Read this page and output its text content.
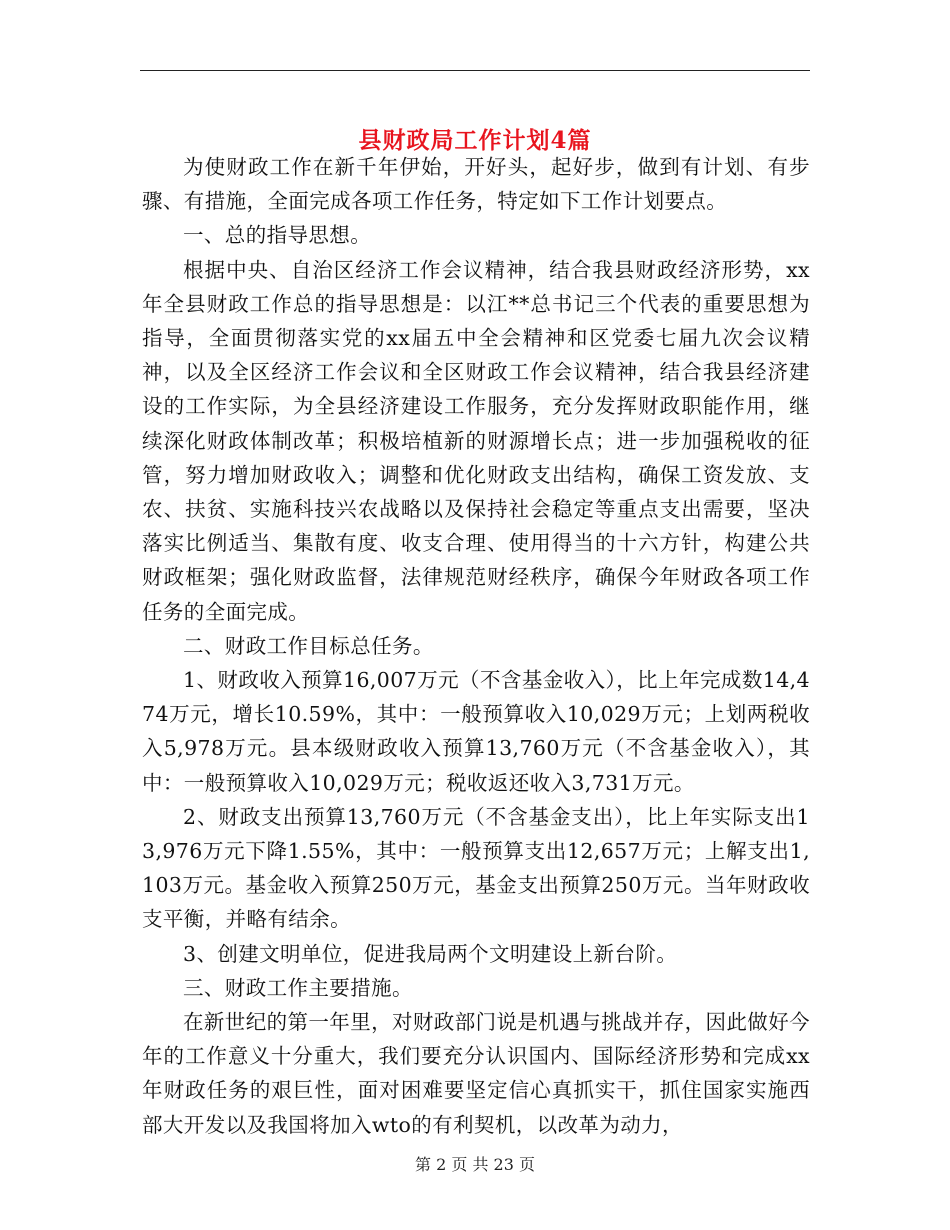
县财政局工作计划4篇

为使财政工作在新千年伊始，开好头，起好步，做到有计划、有步骤、有措施，全面完成各项工作任务，特定如下工作计划要点。

一、总的指导思想。

根据中央、自治区经济工作会议精神，结合我县财政经济形势，xx年全县财政工作总的指导思想是：以江**总书记三个代表的重要思想为指导，全面贯彻落实党的xx届五中全会精神和区党委七届九次会议精神，以及全区经济工作会议和全区财政工作会议精神，结合我县经济建设的工作实际，为全县经济建设工作服务，充分发挥财政职能作用，继续深化财政体制改革；积极培植新的财源增长点；进一步加强税收的征管，努力增加财政收入；调整和优化财政支出结构，确保工资发放、支农、扶贫、实施科技兴农战略以及保持社会稳定等重点支出需要，坚决落实比例适当、集散有度、收支合理、使用得当的十六方针，构建公共财政框架；强化财政监督，法律规范财经秩序，确保今年财政各项工作任务的全面完成。

二、财政工作目标总任务。

1、财政收入预算16,007万元（不含基金收入），比上年完成数14,474万元，增长10.59%，其中：一般预算收入10,029万元；上划两税收入5,978万元。县本级财政收入预算13,760万元（不含基金收入），其中：一般预算收入10,029万元；税收返还收入3,731万元。

2、财政支出预算13,760万元（不含基金支出），比上年实际支出13,976万元下降1.55%，其中：一般预算支出12,657万元；上解支出1,103万元。基金收入预算250万元，基金支出预算250万元。当年财政收支平衡，并略有结余。

3、创建文明单位，促进我局两个文明建设上新台阶。

三、财政工作主要措施。

在新世纪的第一年里，对财政部门说是机遇与挑战并存，因此做好今年的工作意义十分重大，我们要充分认识国内、国际经济形势和完成xx年财政任务的艰巨性，面对困难要坚定信心真抓实干，抓住国家实施西部大开发以及我国将加入wto的有利契机，以改革为动力，

第 2 页 共 23 页
